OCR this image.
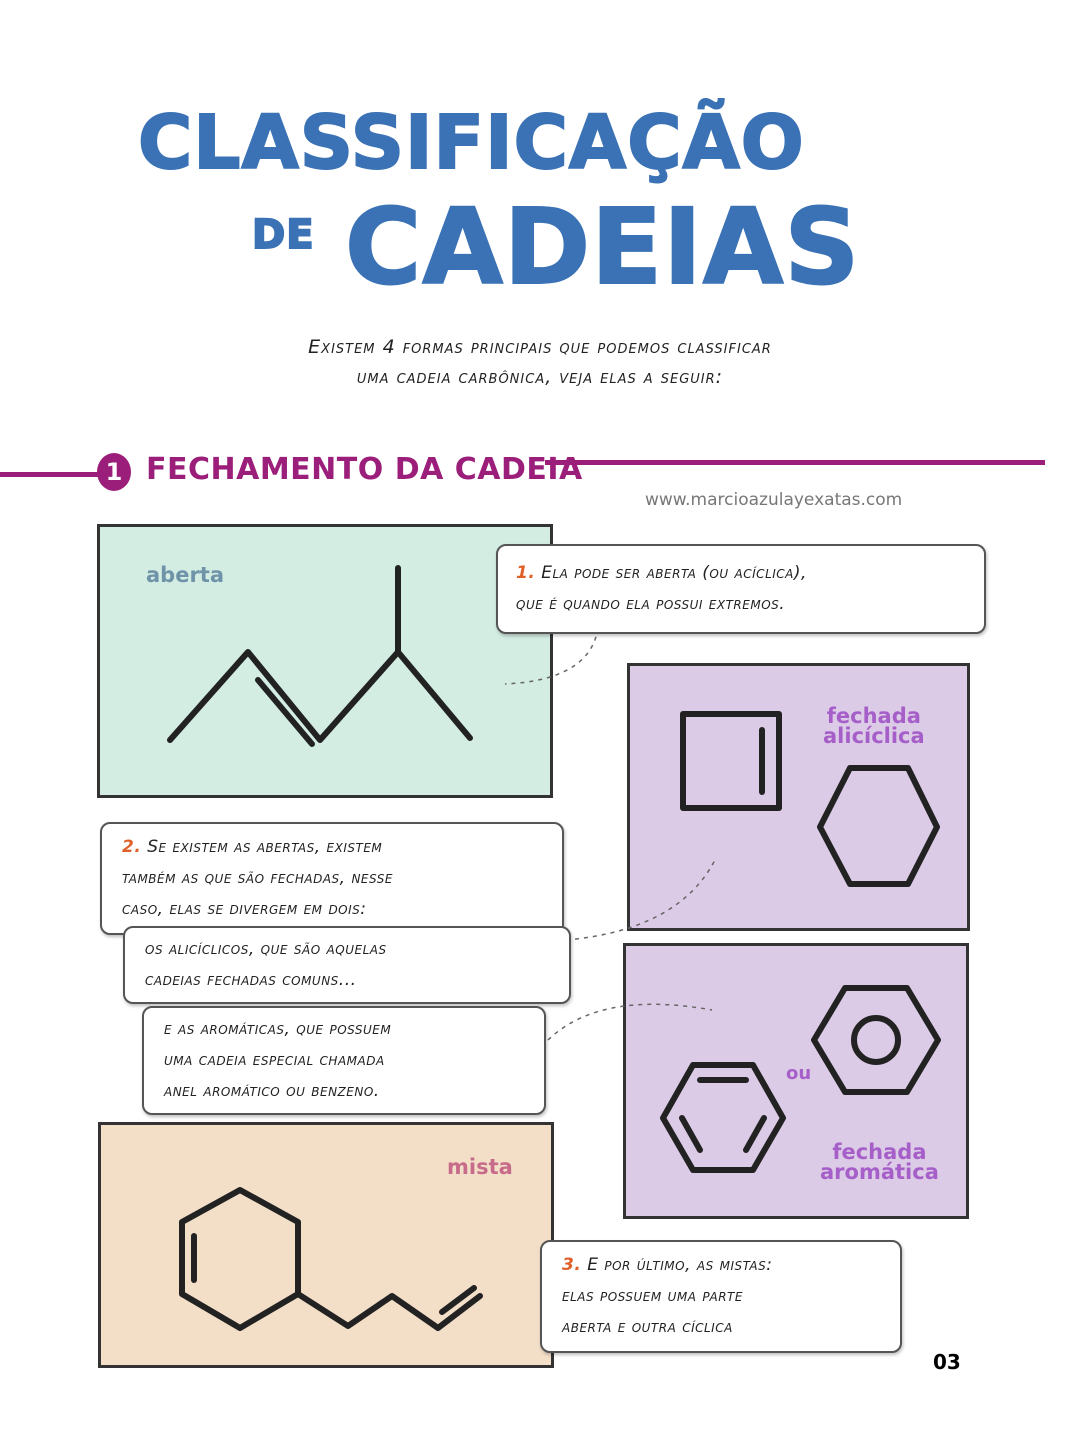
CLASSIFICAÇÃO
DE CADEIAS
Existem 4 formas principais que podemos classificar
uma cadeia carbônica, veja elas a seguir:
1 FECHAMENTO DA CADEIA
www.marcioazulayexatas.com
aberta
fechada
alicíclica
fechada
aromática
ou
mista
1. Ela pode ser aberta (ou acíclica),
que é quando ela possui extremos.
2. Se existem as abertas, existem
também as que são fechadas, nesse
caso, elas se divergem em dois:
os alicíclicos, que são aquelas
cadeias fechadas comuns...
e as aromáticas, que possuem
uma cadeia especial chamada
anel aromático ou benzeno.
3. E por último, as mistas:
elas possuem uma parte
aberta e outra cíclica
03
